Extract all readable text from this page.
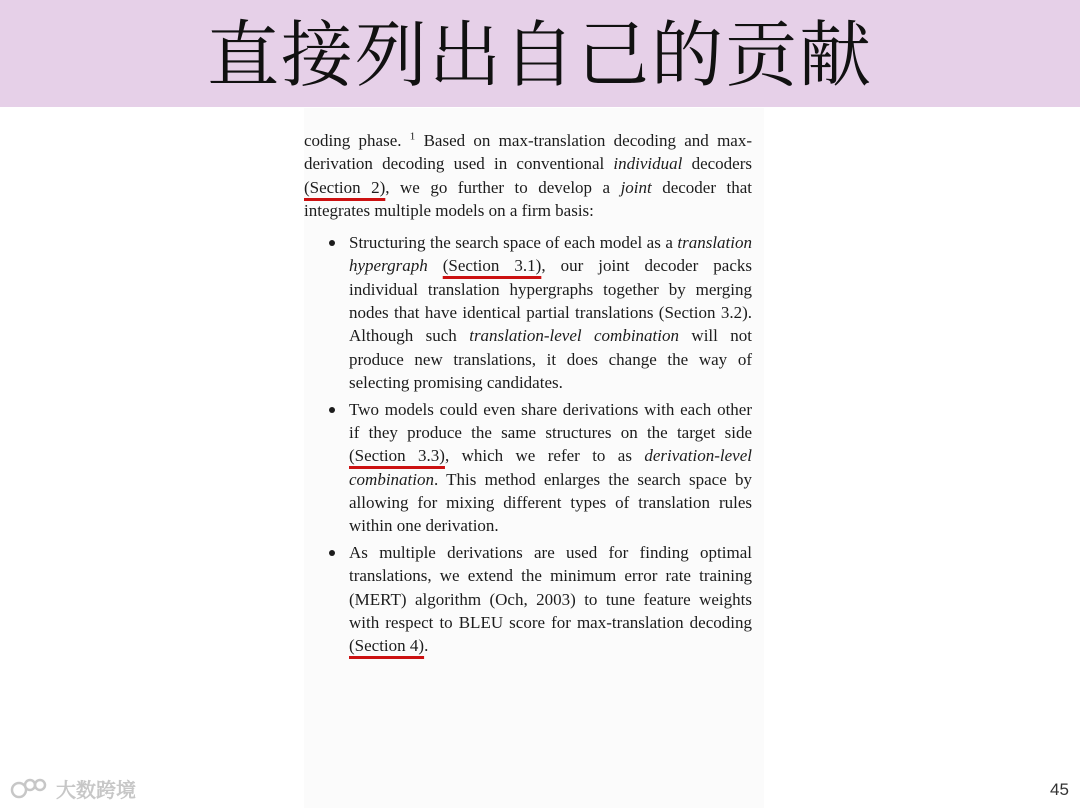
直接列出自己的贡献

coding phase. $^1$ Based on max-translation decoding and max-derivation decoding used in conventional individual decoders (Section 2), we go further to develop a joint decoder that integrates multiple models on a firm basis:

Structuring the search space of each model as a translation hypergraph (Section 3.1), our joint decoder packs individual translation hypergraphs together by merging nodes that have identical partial translations (Section 3.2). Although such translation-level combination will not produce new translations, it does change the way of selecting promising candidates.
Two models could even share derivations with each other if they produce the same structures on the target side (Section 3.3), which we refer to as derivation-level combination. This method enlarges the search space by allowing for mixing different types of translation rules within one derivation.
As multiple derivations are used for finding optimal translations, we extend the minimum error rate training (MERT) algorithm (Och, 2003) to tune feature weights with respect to BLEU score for max-translation decoding (Section 4).
大数跨境	45
